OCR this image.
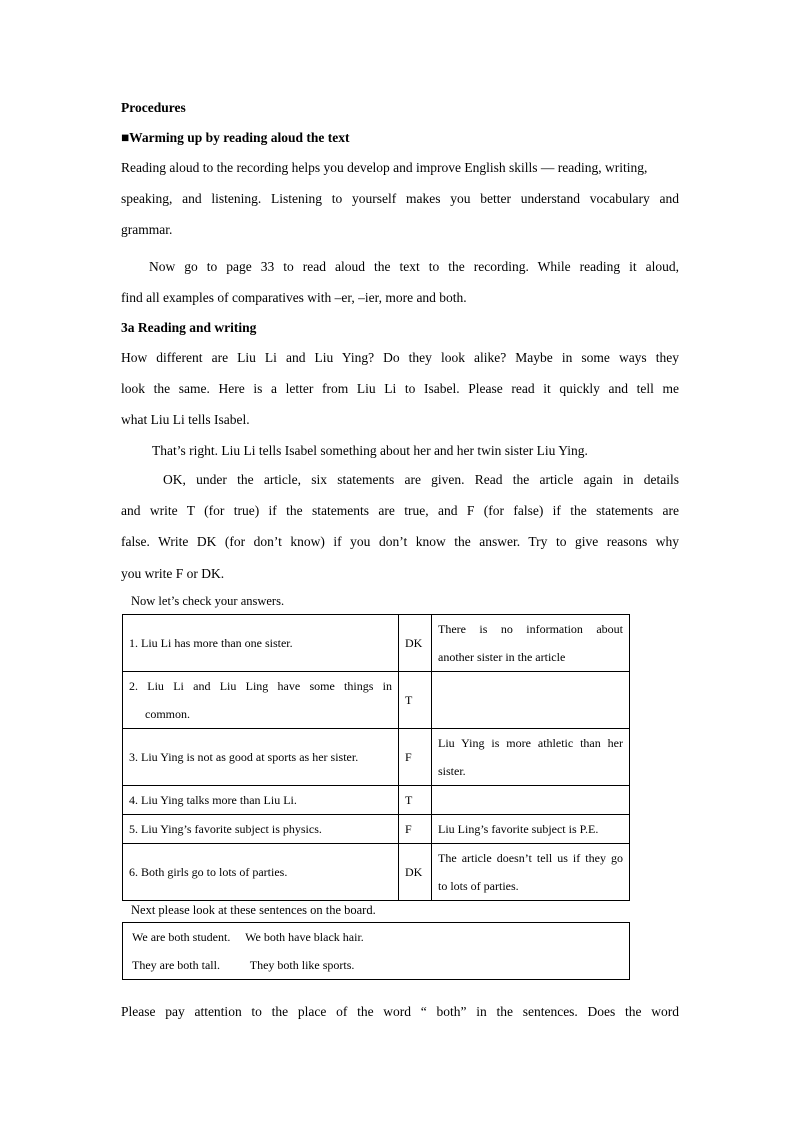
Procedures
■Warming up by reading aloud the text
Reading aloud to the recording helps you develop and improve English skills — reading, writing,
speaking, and listening. Listening to yourself makes you better understand vocabulary and
grammar.
Now go to page 33 to read aloud the text to the recording. While reading it aloud,
find all examples of comparatives with –er, –ier, more and both.
3a Reading and writing
How different are Liu Li and Liu Ying? Do they look alike? Maybe in some ways they
look the same. Here is a letter from Liu Li to Isabel. Please read it quickly and tell me
what Liu Li tells Isabel.
That’s right. Liu Li tells Isabel something about her and her twin sister Liu Ying.
OK, under the article, six statements are given. Read the article again in details
and write T (for true) if the statements are true, and F (for false) if the statements are
false. Write DK (for don’t know) if you don’t know the answer. Try to give reasons why
you write F or DK.
Now let’s check your answers.
1. Liu Li has more than one sister.	DK	There is no information about
another sister in the article

2. Liu Li and Liu Ling have some things in
common.	T	
3. Liu Ying is not as good at sports as her sister.	F	Liu Ying is more athletic than her
sister.
4. Liu Ying talks more than Liu Li.	T	
5. Liu Ying’s favorite subject is physics.	F	Liu Ling’s favorite subject is P.E.
6. Both girls go to lots of parties.	DK	The article doesn’t tell us if they go
to lots of parties.
Next please look at these sentences on the board.
We are both student.     We both have black hair.
They are both tall.          They both like sports.
Please pay attention to the place of the word “ both” in the sentences. Does the word
